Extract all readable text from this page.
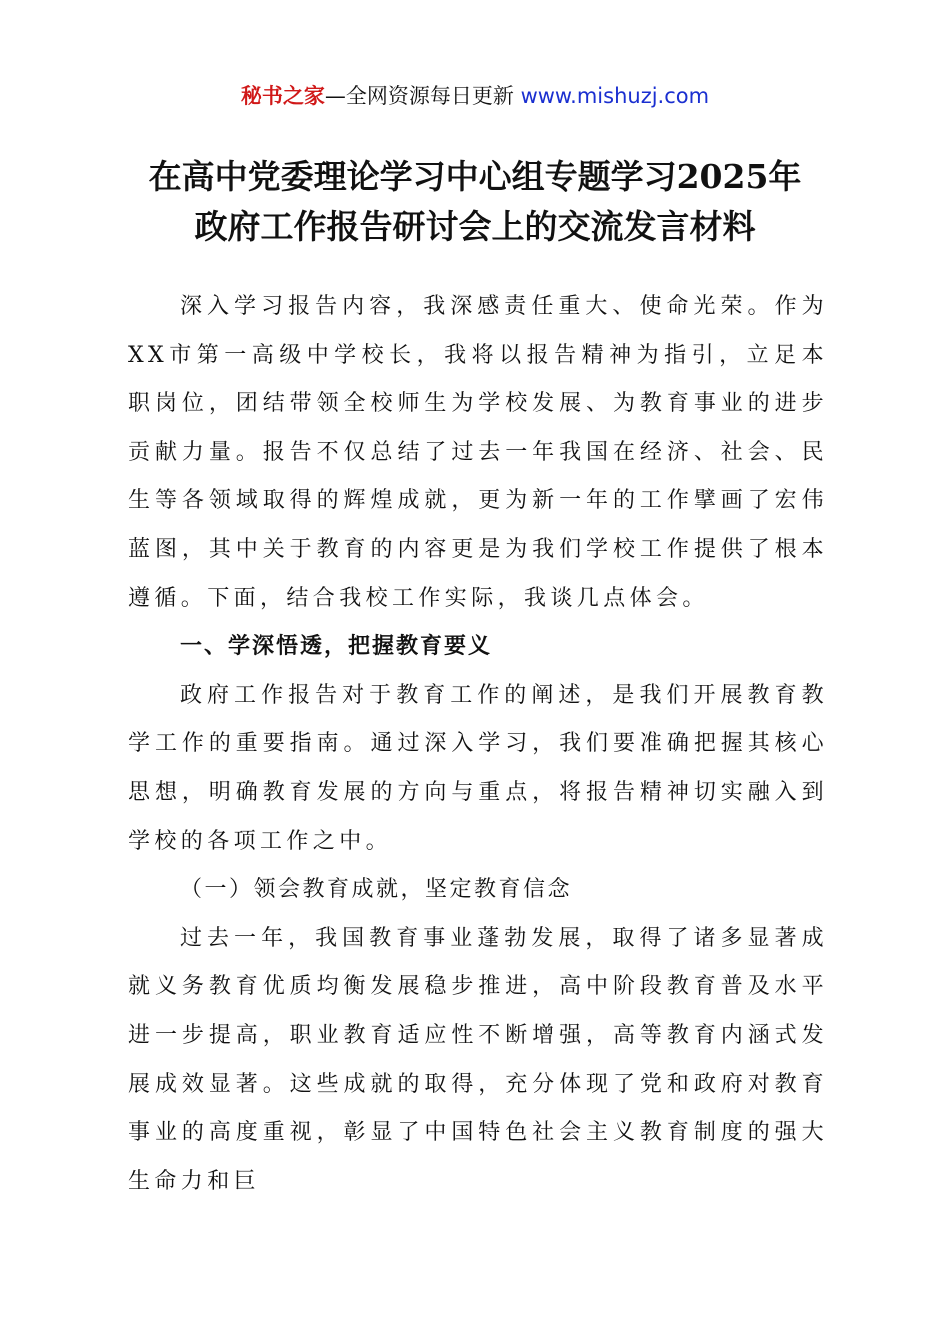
秘书之家—全网资源每日更新 www.mishuzj.com
在高中党委理论学习中心组专题学习2025年
政府工作报告研讨会上的交流发言材料

深入学习报告内容，我深感责任重大、使命光荣。作为XX市第一高级中学校长，我将以报告精神为指引，立足本职岗位，团结带领全校师生为学校发展、为教育事业的进步贡献力量。报告不仅总结了过去一年我国在经济、社会、民生等各领域取得的辉煌成就，更为新一年的工作擘画了宏伟蓝图，其中关于教育的内容更是为我们学校工作提供了根本遵循。下面，结合我校工作实际，我谈几点体会。

一、学深悟透，把握教育要义

政府工作报告对于教育工作的阐述，是我们开展教育教学工作的重要指南。通过深入学习，我们要准确把握其核心思想，明确教育发展的方向与重点，将报告精神切实融入到学校的各项工作之中。

（一）领会教育成就，坚定教育信念

过去一年，我国教育事业蓬勃发展，取得了诸多显著成就义务教育优质均衡发展稳步推进，高中阶段教育普及水平进一步提高，职业教育适应性不断增强，高等教育内涵式发展成效显著。这些成就的取得，充分体现了党和政府对教育事业的高度重视，彰显了中国特色社会主义教育制度的强大生命力和巨
